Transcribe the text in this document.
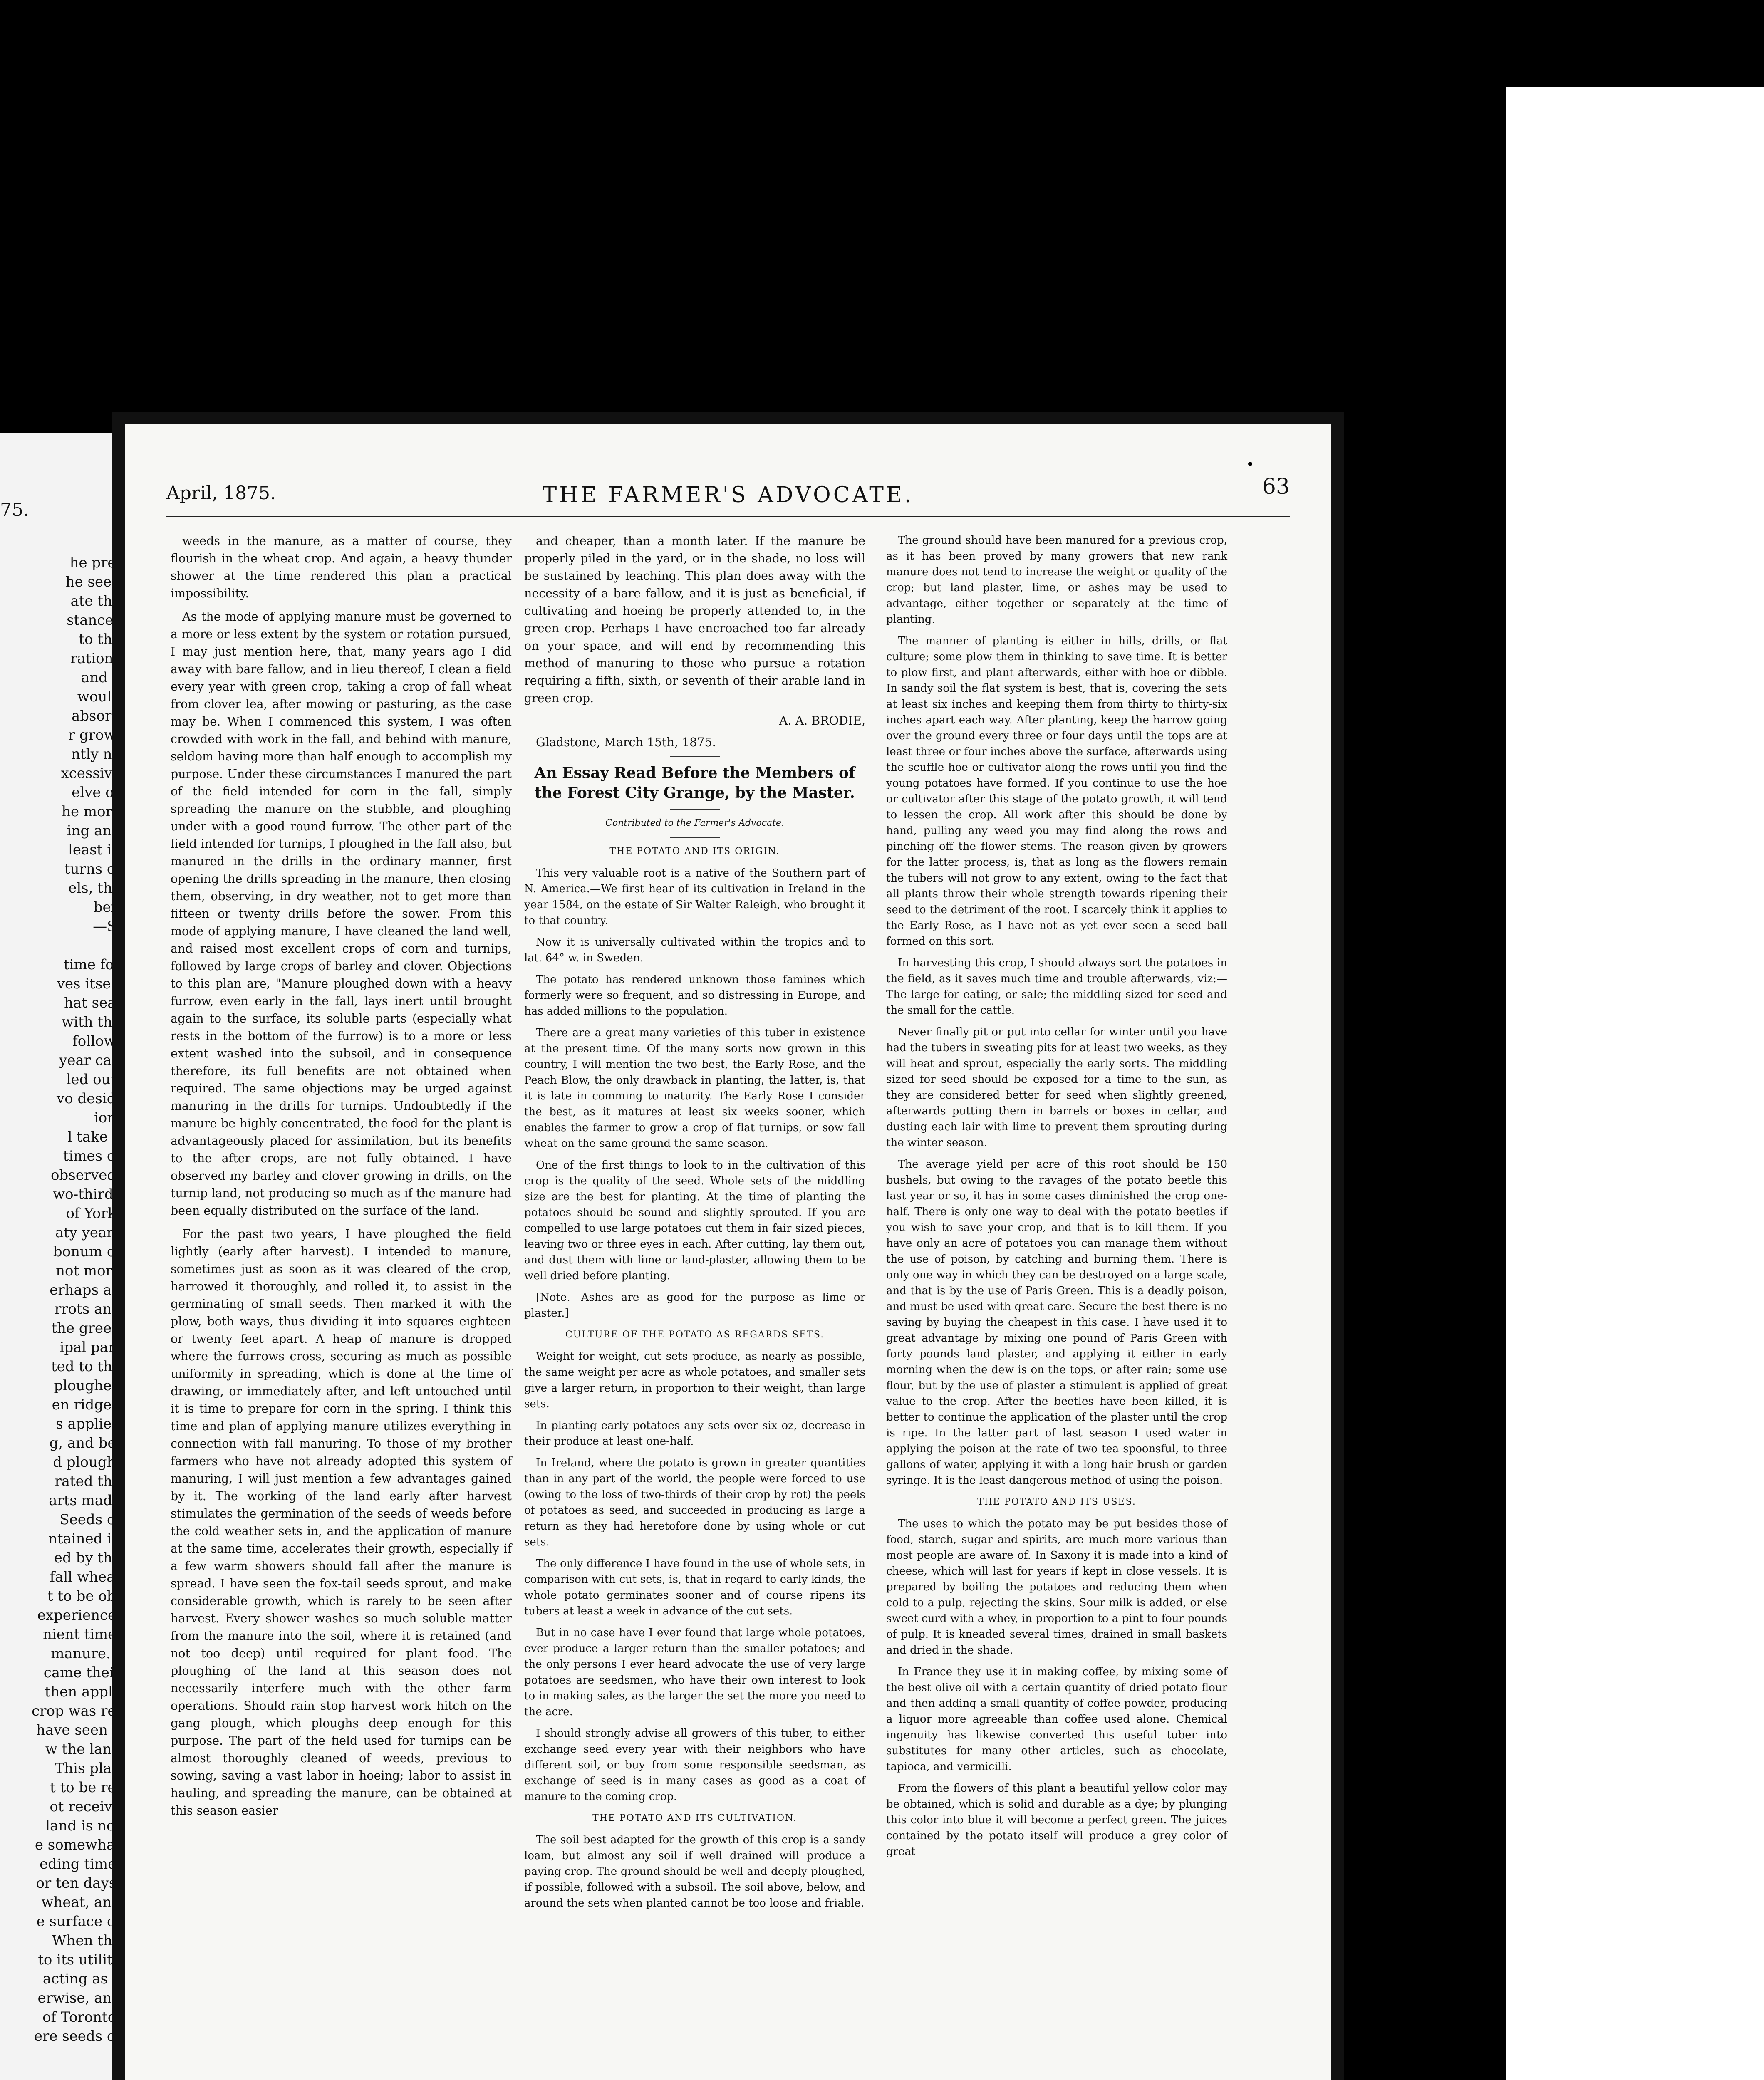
75.
he pre-
he seed
ate the
stances
to the
rations
and a
would
absorb
r grow-
ntly no
xcessive
elve or
he more
ing and
least in
turns of
els, the
ber.
—S.

time for
ves itself
hat sea-
with the
follow-
year can
led out,
vo desid-
ion.
l take a
times of
observed,
wo-thirds
of York.
aty years
bonum of
not more
erhaps an
rrots and
the green
ipal part
ted to the
ploughed
en ridged
s applied
g, and be-
d plough-
rated the
arts made
Seeds of
ntained in
ed by the
fall wheat
t to be ob-
experience,
nient time,
manure. I
came their
then apply
crop was re-
have seen a
w the land
This plan
t to be re-
ot receive
land is not
e somewhat
eding time,
or ten days.
wheat, and
e surface of
When the
to its utility
acting as a
erwise, and
of Toronto,
ere seeds of
April, 1875.	THE FARMER'S ADVOCATE.	63

weeds in the manure, as a matter of course, they flourish in the wheat crop. And again, a heavy thunder shower at the time rendered this plan a practical impossibility.

As the mode of applying manure must be governed to a more or less extent by the system or rotation pursued, I may just mention here, that, many years ago I did away with bare fallow, and in lieu thereof, I clean a field every year with green crop, taking a crop of fall wheat from clover lea, after mowing or pasturing, as the case may be. When I commenced this system, I was often crowded with work in the fall, and behind with manure, seldom having more than half enough to accomplish my purpose. Under these circumstances I manured the part of the field intended for corn in the fall, simply spreading the manure on the stubble, and ploughing under with a good round furrow. The other part of the field intended for turnips, I ploughed in the fall also, but manured in the drills in the ordinary manner, first opening the drills spreading in the manure, then closing them, observing, in dry weather, not to get more than fifteen or twenty drills before the sower. From this mode of applying manure, I have cleaned the land well, and raised most excellent crops of corn and turnips, followed by large crops of barley and clover. Objections to this plan are, "Manure ploughed down with a heavy furrow, even early in the fall, lays inert until brought again to the surface, its soluble parts (especially what rests in the bottom of the furrow) is to a more or less extent washed into the subsoil, and in consequence therefore, its full benefits are not obtained when required. The same objections may be urged against manuring in the drills for turnips. Undoubtedly if the manure be highly concentrated, the food for the plant is advantageously placed for assimilation, but its benefits to the after crops, are not fully obtained. I have observed my barley and clover growing in drills, on the turnip land, not producing so much as if the manure had been equally distributed on the surface of the land.

For the past two years, I have ploughed the field lightly (early after harvest). I intended to manure, sometimes just as soon as it was cleared of the crop, harrowed it thoroughly, and rolled it, to assist in the germinating of small seeds. Then marked it with the plow, both ways, thus dividing it into squares eighteen or twenty feet apart. A heap of manure is dropped where the furrows cross, securing as much as possible uniformity in spreading, which is done at the time of drawing, or immediately after, and left untouched until it is time to prepare for corn in the spring. I think this time and plan of applying manure utilizes everything in connection with fall manuring. To those of my brother farmers who have not already adopted this system of manuring, I will just mention a few advantages gained by it. The working of the land early after harvest stimulates the germination of the seeds of weeds before the cold weather sets in, and the application of manure at the same time, accelerates their growth, especially if a few warm showers should fall after the manure is spread. I have seen the fox-tail seeds sprout, and make considerable growth, which is rarely to be seen after harvest. Every shower washes so much soluble matter from the manure into the soil, where it is retained (and not too deep) until required for plant food. The ploughing of the land at this season does not necessarily interfere much with the other farm operations. Should rain stop harvest work hitch on the gang plough, which ploughs deep enough for this purpose. The part of the field used for turnips can be almost thoroughly cleaned of weeds, previous to sowing, saving a vast labor in hoeing; labor to assist in hauling, and spreading the manure, can be obtained at this season easier

and cheaper, than a month later. If the manure be properly piled in the yard, or in the shade, no loss will be sustained by leaching. This plan does away with the necessity of a bare fallow, and it is just as beneficial, if cultivating and hoeing be properly attended to, in the green crop. Perhaps I have encroached too far already on your space, and will end by recommending this method of manuring to those who pursue a rotation requiring a fifth, sixth, or seventh of their arable land in green crop.

A. A. BRODIE,

Gladstone, March 15th, 1875.

An Essay Read Before the Members of the Forest City Grange, by the Master.

Contributed to the Farmer's Advocate.

THE POTATO AND ITS ORIGIN.

This very valuable root is a native of the Southern part of N. America.—We first hear of its cultivation in Ireland in the year 1584, on the estate of Sir Walter Raleigh, who brought it to that country.

Now it is universally cultivated within the tropics and to lat. 64° w. in Sweden.

The potato has rendered unknown those famines which formerly were so frequent, and so distressing in Europe, and has added millions to the population.

There are a great many varieties of this tuber in existence at the present time. Of the many sorts now grown in this country, I will mention the two best, the Early Rose, and the Peach Blow, the only drawback in planting, the latter, is, that it is late in comming to maturity. The Early Rose I consider the best, as it matures at least six weeks sooner, which enables the farmer to grow a crop of flat turnips, or sow fall wheat on the same ground the same season.

One of the first things to look to in the cultivation of this crop is the quality of the seed. Whole sets of the middling size are the best for planting. At the time of planting the potatoes should be sound and slightly sprouted. If you are compelled to use large potatoes cut them in fair sized pieces, leaving two or three eyes in each. After cutting, lay them out, and dust them with lime or land-plaster, allowing them to be well dried before planting.

[Note.—Ashes are as good for the purpose as lime or plaster.]

CULTURE OF THE POTATO AS REGARDS SETS.

Weight for weight, cut sets produce, as nearly as possible, the same weight per acre as whole potatoes, and smaller sets give a larger return, in proportion to their weight, than large sets.

In planting early potatoes any sets over six oz, decrease in their produce at least one-half.

In Ireland, where the potato is grown in greater quantities than in any part of the world, the people were forced to use (owing to the loss of two-thirds of their crop by rot) the peels of potatoes as seed, and succeeded in producing as large a return as they had heretofore done by using whole or cut sets.

The only difference I have found in the use of whole sets, in comparison with cut sets, is, that in regard to early kinds, the whole potato germinates sooner and of course ripens its tubers at least a week in advance of the cut sets.

But in no case have I ever found that large whole potatoes, ever produce a larger return than the smaller potatoes; and the only persons I ever heard advocate the use of very large potatoes are seedsmen, who have their own interest to look to in making sales, as the larger the set the more you need to the acre.

I should strongly advise all growers of this tuber, to either exchange seed every year with their neighbors who have different soil, or buy from some responsible seedsman, as exchange of seed is in many cases as good as a coat of manure to the coming crop.

THE POTATO AND ITS CULTIVATION.

The soil best adapted for the growth of this crop is a sandy loam, but almost any soil if well drained will produce a paying crop. The ground should be well and deeply ploughed, if possible, followed with a subsoil. The soil above, below, and around the sets when planted cannot be too loose and friable.

The ground should have been manured for a previous crop, as it has been proved by many growers that new rank manure does not tend to increase the weight or quality of the crop; but land plaster, lime, or ashes may be used to advantage, either together or separately at the time of planting.

The manner of planting is either in hills, drills, or flat culture; some plow them in thinking to save time. It is better to plow first, and plant afterwards, either with hoe or dibble. In sandy soil the flat system is best, that is, covering the sets at least six inches and keeping them from thirty to thirty-six inches apart each way. After planting, keep the harrow going over the ground every three or four days until the tops are at least three or four inches above the surface, afterwards using the scuffle hoe or cultivator along the rows until you find the young potatoes have formed. If you continue to use the hoe or cultivator after this stage of the potato growth, it will tend to lessen the crop. All work after this should be done by hand, pulling any weed you may find along the rows and pinching off the flower stems. The reason given by growers for the latter process, is, that as long as the flowers remain the tubers will not grow to any extent, owing to the fact that all plants throw their whole strength towards ripening their seed to the detriment of the root. I scarcely think it applies to the Early Rose, as I have not as yet ever seen a seed ball formed on this sort.

In harvesting this crop, I should always sort the potatoes in the field, as it saves much time and trouble afterwards, viz:—The large for eating, or sale; the middling sized for seed and the small for the cattle.

Never finally pit or put into cellar for winter until you have had the tubers in sweating pits for at least two weeks, as they will heat and sprout, especially the early sorts. The middling sized for seed should be exposed for a time to the sun, as they are considered better for seed when slightly greened, afterwards putting them in barrels or boxes in cellar, and dusting each lair with lime to prevent them sprouting during the winter season.

The average yield per acre of this root should be 150 bushels, but owing to the ravages of the potato beetle this last year or so, it has in some cases diminished the crop one-half. There is only one way to deal with the potato beetles if you wish to save your crop, and that is to kill them. If you have only an acre of potatoes you can manage them without the use of poison, by catching and burning them. There is only one way in which they can be destroyed on a large scale, and that is by the use of Paris Green. This is a deadly poison, and must be used with great care. Secure the best there is no saving by buying the cheapest in this case. I have used it to great advantage by mixing one pound of Paris Green with forty pounds land plaster, and applying it either in early morning when the dew is on the tops, or after rain; some use flour, but by the use of plaster a stimulent is applied of great value to the crop. After the beetles have been killed, it is better to continue the application of the plaster until the crop is ripe. In the latter part of last season I used water in applying the poison at the rate of two tea spoonsful, to three gallons of water, applying it with a long hair brush or garden syringe. It is the least dangerous method of using the poison.

THE POTATO AND ITS USES.

The uses to which the potato may be put besides those of food, starch, sugar and spirits, are much more various than most people are aware of. In Saxony it is made into a kind of cheese, which will last for years if kept in close vessels. It is prepared by boiling the potatoes and reducing them when cold to a pulp, rejecting the skins. Sour milk is added, or else sweet curd with a whey, in proportion to a pint to four pounds of pulp. It is kneaded several times, drained in small baskets and dried in the shade.

In France they use it in making coffee, by mixing some of the best olive oil with a certain quantity of dried potato flour and then adding a small quantity of coffee powder, producing a liquor more agreeable than coffee used alone. Chemical ingenuity has likewise converted this useful tuber into substitutes for many other articles, such as chocolate, tapioca, and vermicilli.

From the flowers of this plant a beautiful yellow color may be obtained, which is solid and durable as a dye; by plunging this color into blue it will become a perfect green. The juices contained by the potato itself will produce a grey color of great
